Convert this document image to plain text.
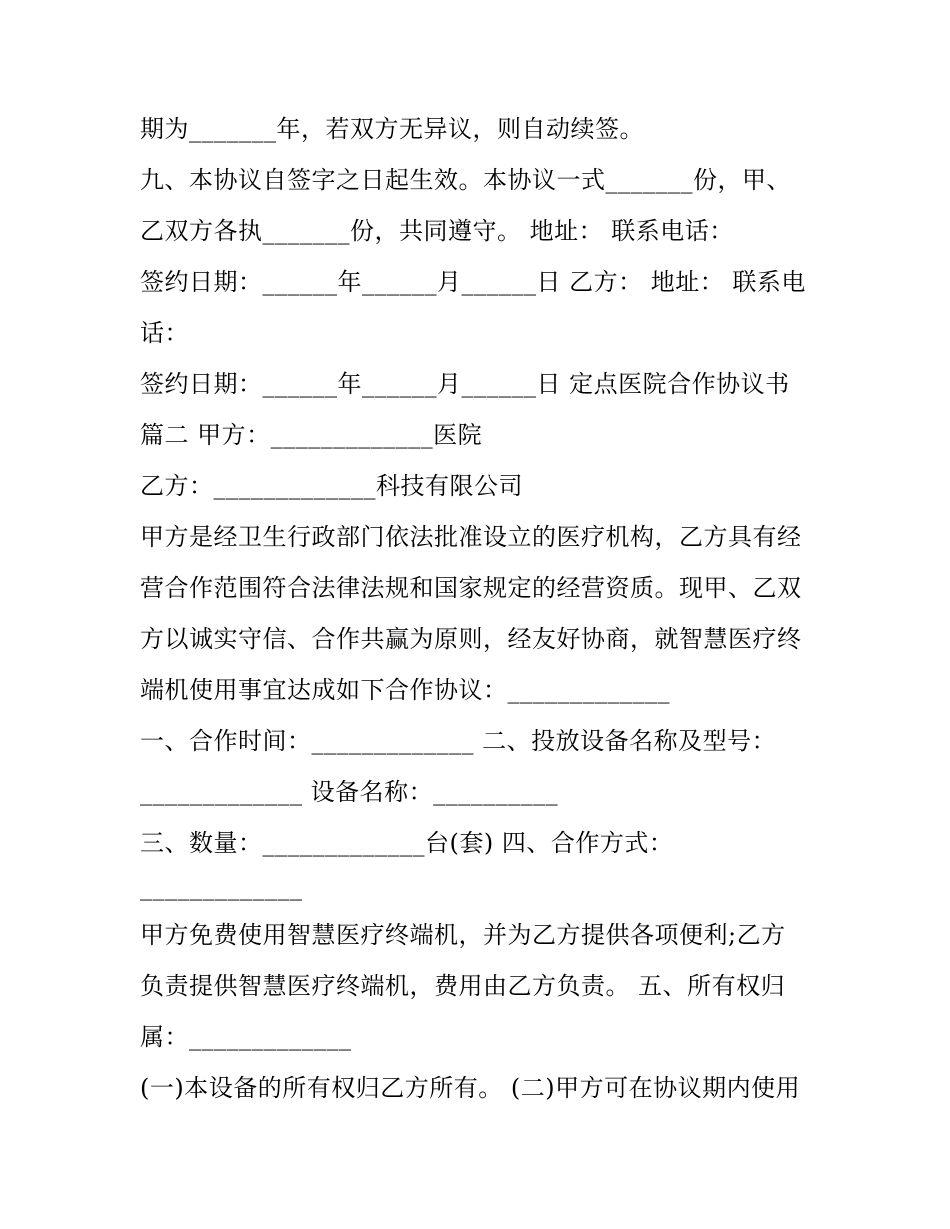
期为_______年，若双方无异议，则自动续签。
九、本协议自签字之日起生效。本协议一式_______份，甲、
乙双方各执_______份，共同遵守。 地址： 联系电话：
签约日期：______年______月______日 乙方： 地址： 联系电
话：
签约日期：______年______月______日 定点医院合作协议书
篇二 甲方：_____________医院
乙方：_____________科技有限公司
甲方是经卫生行政部门依法批准设立的医疗机构，乙方具有经
营合作范围符合法律法规和国家规定的经营资质。现甲、乙双
方以诚实守信、合作共赢为原则，经友好协商，就智慧医疗终
端机使用事宜达成如下合作协议：_____________
一、合作时间：_____________ 二、投放设备名称及型号：
_____________ 设备名称：__________
三、数量：_____________台(套) 四、合作方式：
_____________
甲方免费使用智慧医疗终端机，并为乙方提供各项便利;乙方
负责提供智慧医疗终端机，费用由乙方负责。 五、所有权归
属：_____________
(一)本设备的所有权归乙方所有。 (二)甲方可在协议期内使用
